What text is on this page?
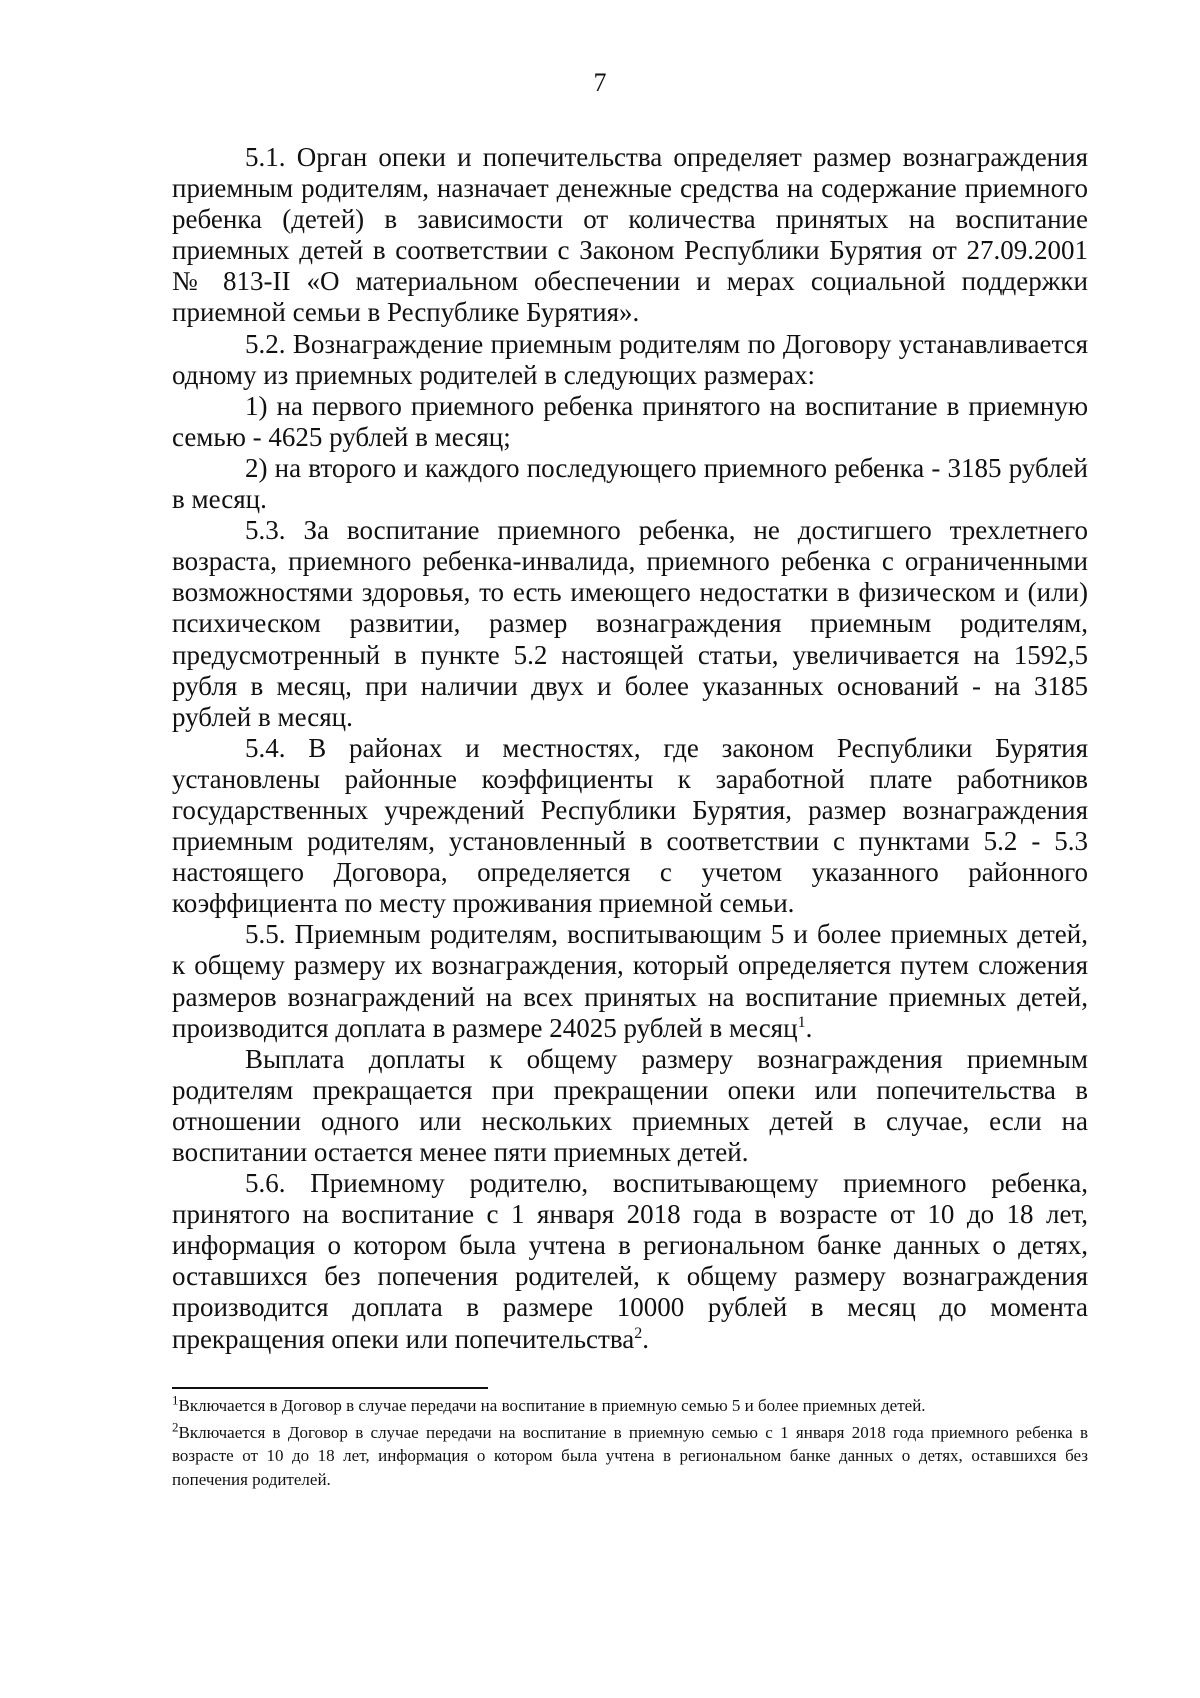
7

5.1. Орган опеки и попечительства определяет размер вознаграждения приемным родителям, назначает денежные средства на содержание приемного ребенка (детей) в зависимости от количества принятых на воспитание приемных детей в соответствии с Законом Республики Бурятия от 27.09.2001 № 813-II «О материальном обеспечении и мерах социальной поддержки приемной семьи в Республике Бурятия».

5.2. Вознаграждение приемным родителям по Договору устанавливается одному из приемных родителей в следующих размерах:

1) на первого приемного ребенка принятого на воспитание в приемную семью - 4625 рублей в месяц;

2) на второго и каждого последующего приемного ребенка - 3185 рублей в месяц.

5.3. За воспитание приемного ребенка, не достигшего трехлетнего возраста, приемного ребенка-инвалида, приемного ребенка с ограниченными возможностями здоровья, то есть имеющего недостатки в физическом и (или) психическом развитии, размер вознаграждения приемным родителям, предусмотренный в пункте 5.2 настоящей статьи, увеличивается на 1592,5 рубля в месяц, при наличии двух и более указанных оснований - на 3185 рублей в месяц.

5.4. В районах и местностях, где законом Республики Бурятия установлены районные коэффициенты к заработной плате работников государственных учреждений Республики Бурятия, размер вознаграждения приемным родителям, установленный в соответствии с пунктами 5.2 - 5.3 настоящего Договора, определяется с учетом указанного районного коэффициента по месту проживания приемной семьи.

5.5. Приемным родителям, воспитывающим 5 и более приемных детей, к общему размеру их вознаграждения, который определяется путем сложения размеров вознаграждений на всех принятых на воспитание приемных детей, производится доплата в размере 24025 рублей в месяц$^1$.

Выплата доплаты к общему размеру вознаграждения приемным родителям прекращается при прекращении опеки или попечительства в отношении одного или нескольких приемных детей в случае, если на воспитании остается менее пяти приемных детей.

5.6. Приемному родителю, воспитывающему приемного ребенка, принятого на воспитание с 1 января 2018 года в возрасте от 10 до 18 лет, информация о котором была учтена в региональном банке данных о детях, оставшихся без попечения родителей, к общему размеру вознаграждения производится доплата в размере 10000 рублей в месяц до момента прекращения опеки или попечительства$^2$.

$^1$Включается в Договор в случае передачи на воспитание в приемную семью 5 и более приемных детей.

$^2$Включается в Договор в случае передачи на воспитание в приемную семью с 1 января 2018 года приемного ребенка в возрасте от 10 до 18 лет, информация о котором была учтена в региональном банке данных о детях, оставшихся без попечения родителей.
